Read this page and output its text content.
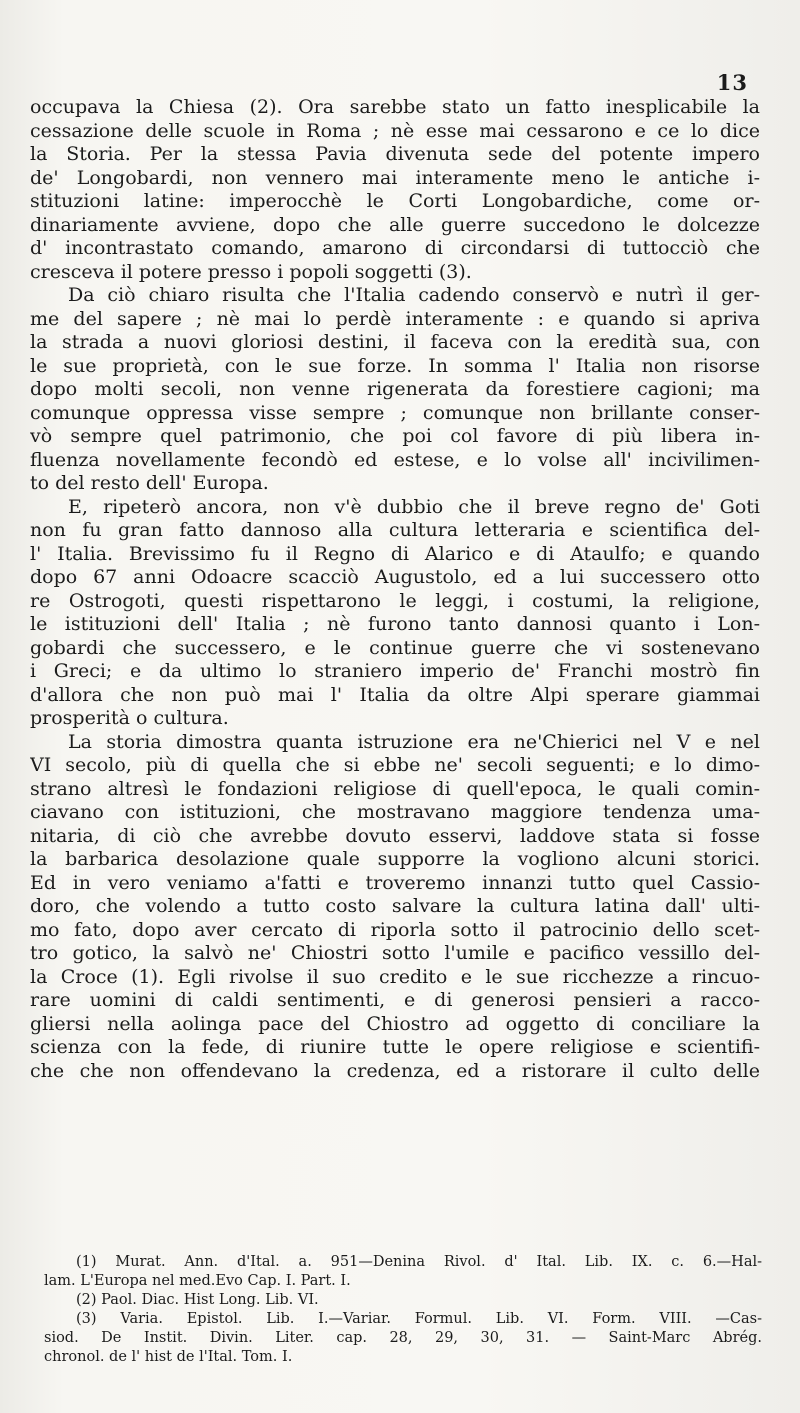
13
occupava la Chiesa (2). Ora sarebbe stato un fatto inesplicabile la
cessazione delle scuole in Roma ; nè esse mai cessarono e ce lo dice
la Storia. Per la stessa Pavia divenuta sede del potente impero
de' Longobardi, non vennero mai interamente meno le antiche i-
stituzioni latine: imperocchè le Corti Longobardiche, come or-
dinariamente avviene, dopo che alle guerre succedono le dolcezze
d' incontrastato comando, amarono di circondarsi di tuttocciò che
cresceva il potere presso i popoli soggetti (3).
Da ciò chiaro risulta che l'Italia cadendo conservò e nutrì il ger-
me del sapere ; nè mai lo perdè interamente : e quando si apriva
la strada a nuovi gloriosi destini, il faceva con la eredità sua, con
le sue proprietà, con le sue forze. In somma l' Italia non risorse
dopo molti secoli, non venne rigenerata da forestiere cagioni; ma
comunque oppressa visse sempre ; comunque non brillante conser-
vò sempre quel patrimonio, che poi col favore di più libera in-
fluenza novellamente fecondò ed estese, e lo volse all' incivilimen-
to del resto dell' Europa.
E, ripeterò ancora, non v'è dubbio che il breve regno de' Goti
non fu gran fatto dannoso alla cultura letteraria e scientifica del-
l' Italia. Brevissimo fu il Regno di Alarico e di Ataulfo; e quando
dopo 67 anni Odoacre scacciò Augustolo, ed a lui successero otto
re Ostrogoti, questi rispettarono le leggi, i costumi, la religione,
le istituzioni dell' Italia ; nè furono tanto dannosi quanto i Lon-
gobardi che successero, e le continue guerre che vi sostenevano
i Greci; e da ultimo lo straniero imperio de' Franchi mostrò fin
d'allora che non può mai l' Italia da oltre Alpi sperare giammai
prosperità o cultura.
La storia dimostra quanta istruzione era ne'Chierici nel V e nel
VI secolo, più di quella che si ebbe ne' secoli seguenti; e lo dimo-
strano altresì le fondazioni religiose di quell'epoca, le quali comin-
ciavano con istituzioni, che mostravano maggiore tendenza uma-
nitaria, di ciò che avrebbe dovuto esservi, laddove stata si fosse
la barbarica desolazione quale supporre la vogliono alcuni storici.
Ed in vero veniamo a'fatti e troveremo innanzi tutto quel Cassio-
doro, che volendo a tutto costo salvare la cultura latina dall' ulti-
mo fato, dopo aver cercato di riporla sotto il patrocinio dello scet-
tro gotico, la salvò ne' Chiostri sotto l'umile e pacifico vessillo del-
la Croce (1). Egli rivolse il suo credito e le sue ricchezze a rincuo-
rare uomini di caldi sentimenti, e di generosi pensieri a racco-
gliersi nella aolinga pace del Chiostro ad oggetto di conciliare la
scienza con la fede, di riunire tutte le opere religiose e scientifi-
che che non offendevano la credenza, ed a ristorare il culto delle
(1) Murat. Ann. d'Ital. a. 951—Denina Rivol. d' Ital. Lib. IX. c. 6.—Hal-
lam. L'Europa nel med.Evo Cap. I. Part. I.
(2) Paol. Diac. Hist Long. Lib. VI.
(3) Varia. Epistol. Lib. I.—Variar. Formul. Lib. VI. Form. VIII. —Cas-
siod. De Instit. Divin. Liter. cap. 28, 29, 30, 31. — Saint-Marc Abrég.
chronol. de l' hist de l'Ital. Tom. I.
